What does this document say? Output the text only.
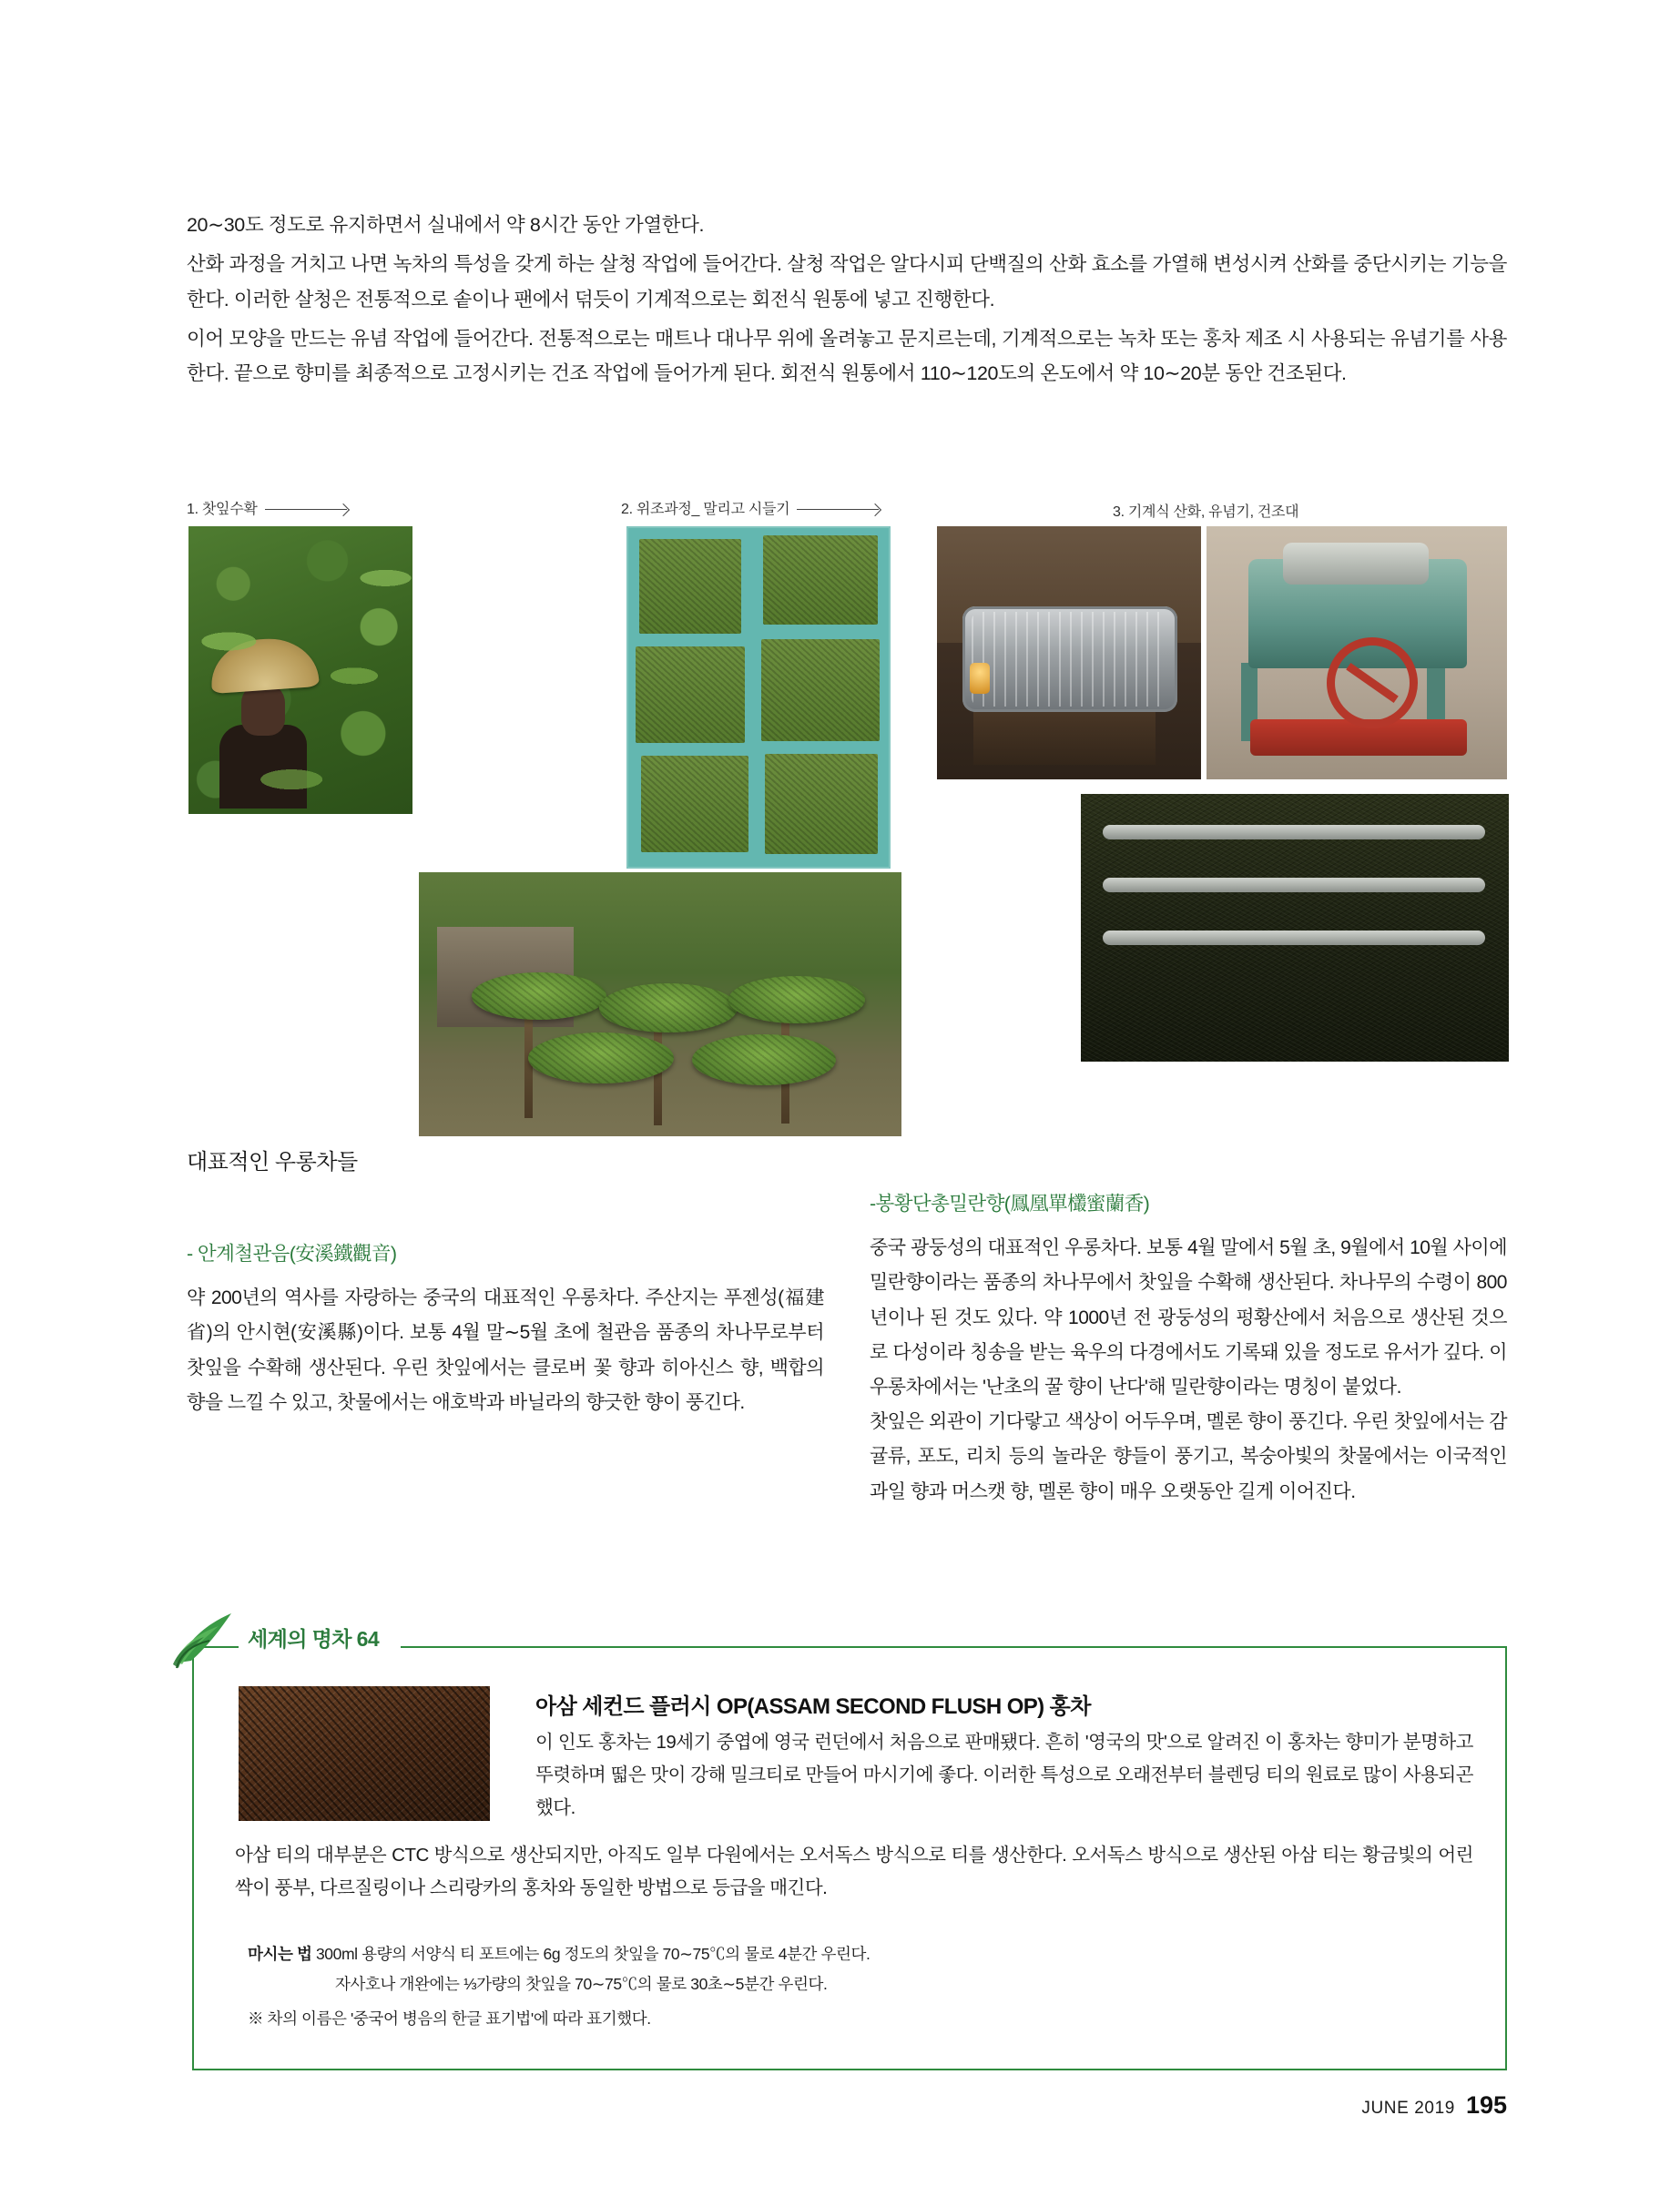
20∼30도 정도로 유지하면서 실내에서 약 8시간 동안 가열한다.

산화 과정을 거치고 나면 녹차의 특성을 갖게 하는 살청 작업에 들어간다. 살청 작업은 알다시피 단백질의 산화 효소를 가열해 변성시켜 산화를 중단시키는 기능을 한다. 이러한 살청은 전통적으로 솥이나 팬에서 덖듯이 기계적으로는 회전식 원통에 넣고 진행한다.

이어 모양을 만드는 유념 작업에 들어간다. 전통적으로는 매트나 대나무 위에 올려놓고 문지르는데, 기계적으로는 녹차 또는 홍차 제조 시 사용되는 유념기를 사용한다. 끝으로 향미를 최종적으로 고정시키는 건조 작업에 들어가게 된다. 회전식 원통에서 110∼120도의 온도에서 약 10∼20분 동안 건조된다.

1. 찻잎수확	2. 위조과정_ 말리고 시들기	3. 기계식 산화, 유념기, 건조대
대표적인 우롱차들
- 안계철관음(安溪鐵觀音)

약 200년의 역사를 자랑하는 중국의 대표적인 우롱차다. 주산지는 푸젠성(福建省)의 안시현(安溪縣)이다. 보통 4월 말∼5월 초에 철관음 품종의 차나무로부터 찻잎을 수확해 생산된다. 우린 찻잎에서는 클로버 꽃 향과 히아신스 향, 백합의 향을 느낄 수 있고, 찻물에서는 애호박과 바닐라의 향긋한 향이 풍긴다.

-봉황단총밀란향(鳳凰單欉蜜蘭香)

중국 광둥성의 대표적인 우롱차다. 보통 4월 말에서 5월 초, 9월에서 10월 사이에 밀란향이라는 품종의 차나무에서 찻잎을 수확해 생산된다. 차나무의 수령이 800년이나 된 것도 있다. 약 1000년 전 광둥성의 펑황산에서 처음으로 생산된 것으로 다성이라 칭송을 받는 육우의 다경에서도 기록돼 있을 정도로 유서가 깊다. 이 우롱차에서는 '난초의 꿀 향이 난다'해 밀란향이라는 명칭이 붙었다.

찻잎은 외관이 기다랗고 색상이 어두우며, 멜론 향이 풍긴다. 우린 찻잎에서는 감귤류, 포도, 리치 등의 놀라운 향들이 풍기고, 복숭아빛의 찻물에서는 이국적인 과일 향과 머스캣 향, 멜론 향이 매우 오랫동안 길게 이어진다.

세계의 명차 64
아삼 세컨드 플러시 OP(ASSAM SECOND FLUSH OP) 홍차
이 인도 홍차는 19세기 중엽에 영국 런던에서 처음으로 판매됐다. 흔히 '영국의 맛'으로 알려진 이 홍차는 향미가 분명하고 뚜렷하며 떫은 맛이 강해 밀크티로 만들어 마시기에 좋다. 이러한 특성으로 오래전부터 블렌딩 티의 원료로 많이 사용되곤 했다.
아삼 티의 대부분은 CTC 방식으로 생산되지만, 아직도 일부 다원에서는 오서독스 방식으로 티를 생산한다. 오서독스 방식으로 생산된 아삼 티는 황금빛의 어린 싹이 풍부, 다르질링이나 스리랑카의 홍차와 동일한 방법으로 등급을 매긴다.
마시는 법 300ml 용량의 서양식 티 포트에는 6g 정도의 찻잎을 70∼75℃의 물로 4분간 우린다.
자사호나 개완에는 ⅓가량의 찻잎을 70∼75℃의 물로 30초∼5분간 우린다.
※ 차의 이름은 '중국어 병음의 한글 표기법'에 따라 표기했다.
JUNE 2019 195
